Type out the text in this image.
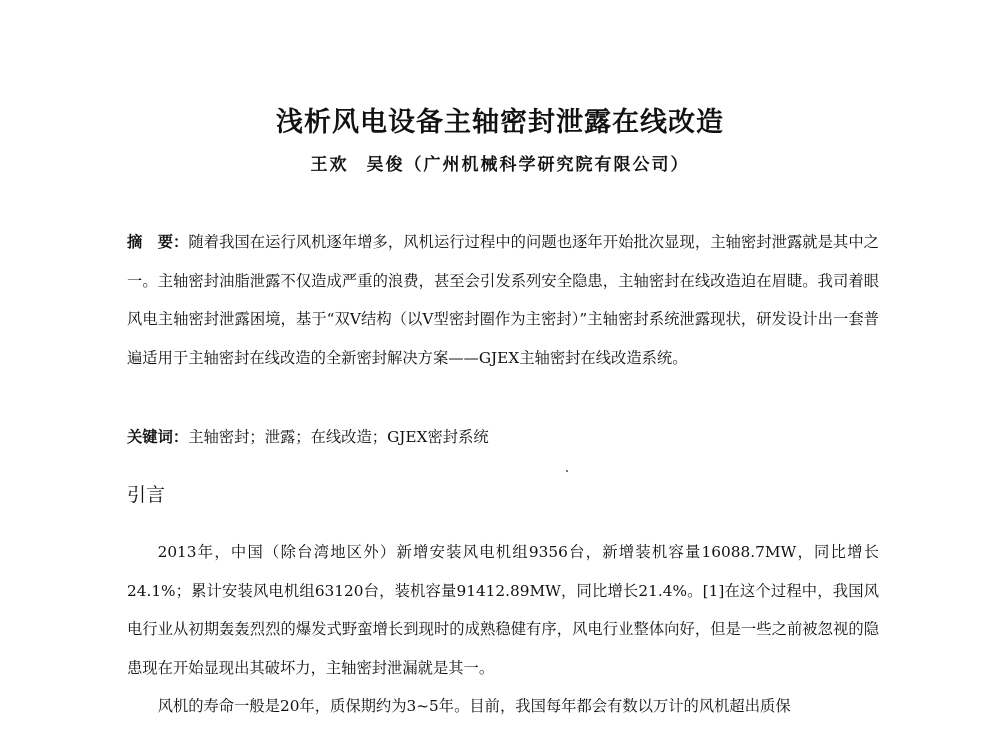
浅析风电设备主轴密封泄露在线改造
王欢 吴俊（广州机械科学研究院有限公司）

摘　要：随着我国在运行风机逐年增多，风机运行过程中的问题也逐年开始批次显现，主轴密封泄露就是其中之一。主轴密封油脂泄露不仅造成严重的浪费，甚至会引发系列安全隐患，主轴密封在线改造迫在眉睫。我司着眼风电主轴密封泄露困境，基于“双V结构（以V型密封圈作为主密封）”主轴密封系统泄露现状，研发设计出一套普遍适用于主轴密封在线改造的全新密封解决方案——GJEX主轴密封在线改造系统。

关键词：主轴密封；泄露；在线改造；GJEX密封系统

引言

2013年，中国（除台湾地区外）新增安装风电机组9356台，新增装机容量16088.7MW，同比增长24.1%；累计安装风电机组63120台，装机容量91412.89MW，同比增长21.4%。[1]在这个过程中，我国风电行业从初期轰轰烈烈的爆发式野蛮增长到现时的成熟稳健有序，风电行业整体向好，但是一些之前被忽视的隐患现在开始显现出其破坏力，主轴密封泄漏就是其一。

风机的寿命一般是20年，质保期约为3~5年。目前，我国每年都会有数以万计的风机超出质保
